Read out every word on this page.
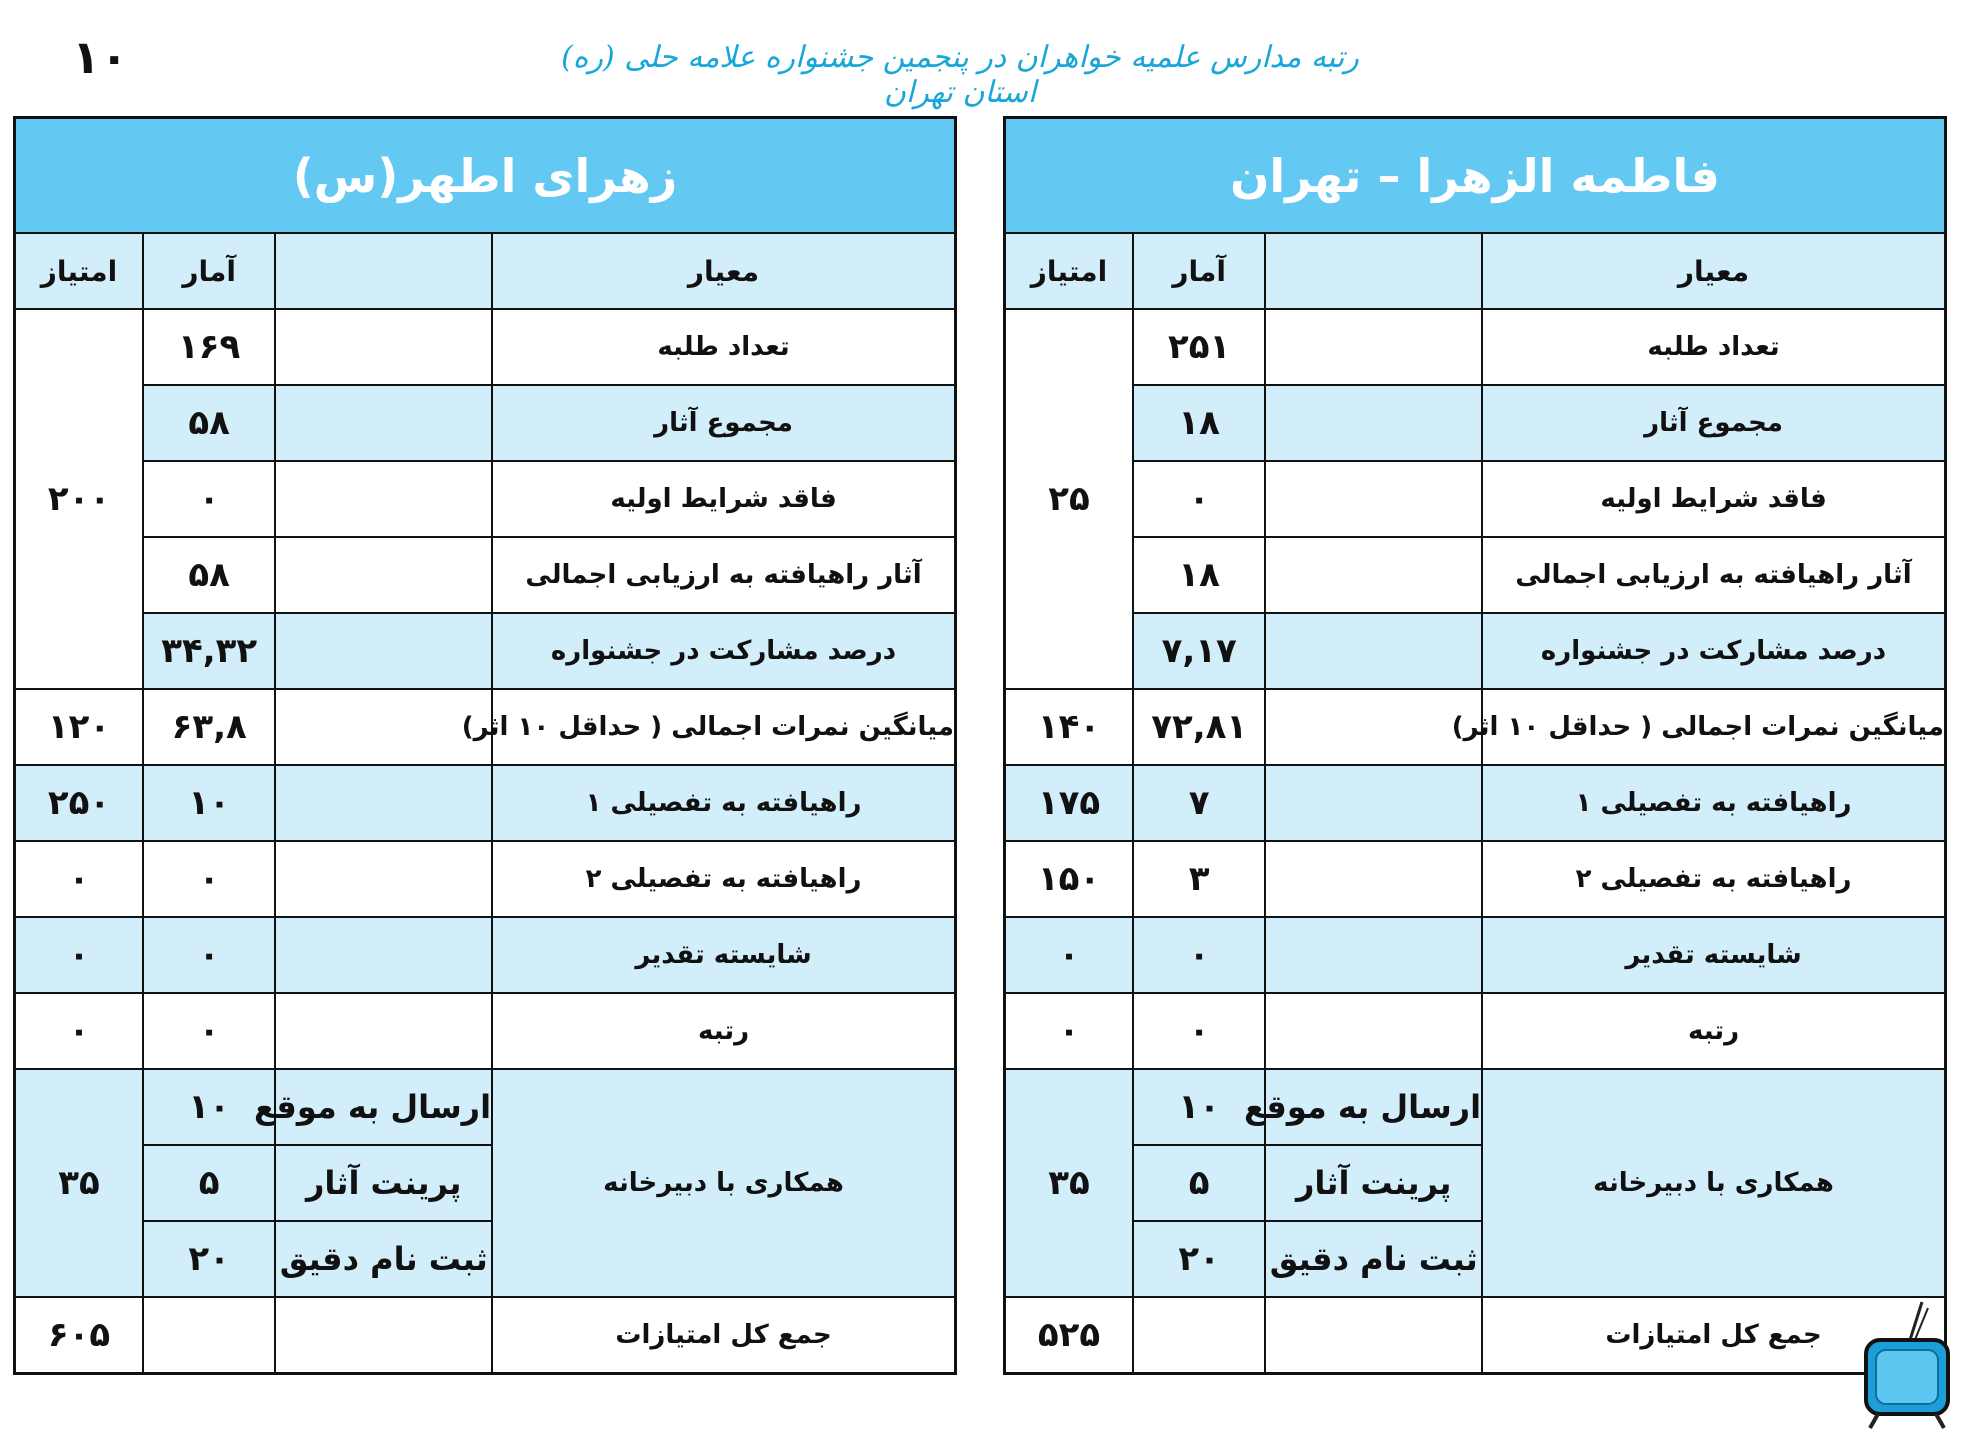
۱۰	رتبه مدارس علمیه خواهران در پنجمین جشنواره علامه حلی (ره) استان تهران
فاطمه الزهرا – تهران			
معیار		آمار	امتیاز
تعداد طلبه		۲۵۱	۲۵
مجموع آثار		۱۸	
فاقد شرایط اولیه		۰	
آثار راهیافته به ارزیابی اجمالی		۱۸	
درصد مشارکت در جشنواره		۷,۱۷	
میانگین نمرات اجمالی ( حداقل ۱۰ اثر)		۷۲,۸۱	۱۴۰
راهیافته به تفصیلی ۱		۷	۱۷۵
راهیافته به تفصیلی ۲		۳	۱۵۰
شایسته تقدیر		۰	۰
رتبه		۰	۰
همکاری با دبیرخانه	ارسال به موقع	۱۰	۳۵
	پرینت آثار	۵	
	ثبت نام دقیق	۲۰	
جمع کل امتیازات			۵۲۵
زهرای اطهر(س)			
معیار		آمار	امتیاز
تعداد طلبه		۱۶۹	۲۰۰
مجموع آثار		۵۸	
فاقد شرایط اولیه		۰	
آثار راهیافته به ارزیابی اجمالی		۵۸	
درصد مشارکت در جشنواره		۳۴,۳۲	
میانگین نمرات اجمالی ( حداقل ۱۰ اثر)		۶۳,۸	۱۲۰
راهیافته به تفصیلی ۱		۱۰	۲۵۰
راهیافته به تفصیلی ۲		۰	۰
شایسته تقدیر		۰	۰
رتبه		۰	۰
همکاری با دبیرخانه	ارسال به موقع	۱۰	۳۵
	پرینت آثار	۵	
	ثبت نام دقیق	۲۰	
جمع کل امتیازات			۶۰۵
